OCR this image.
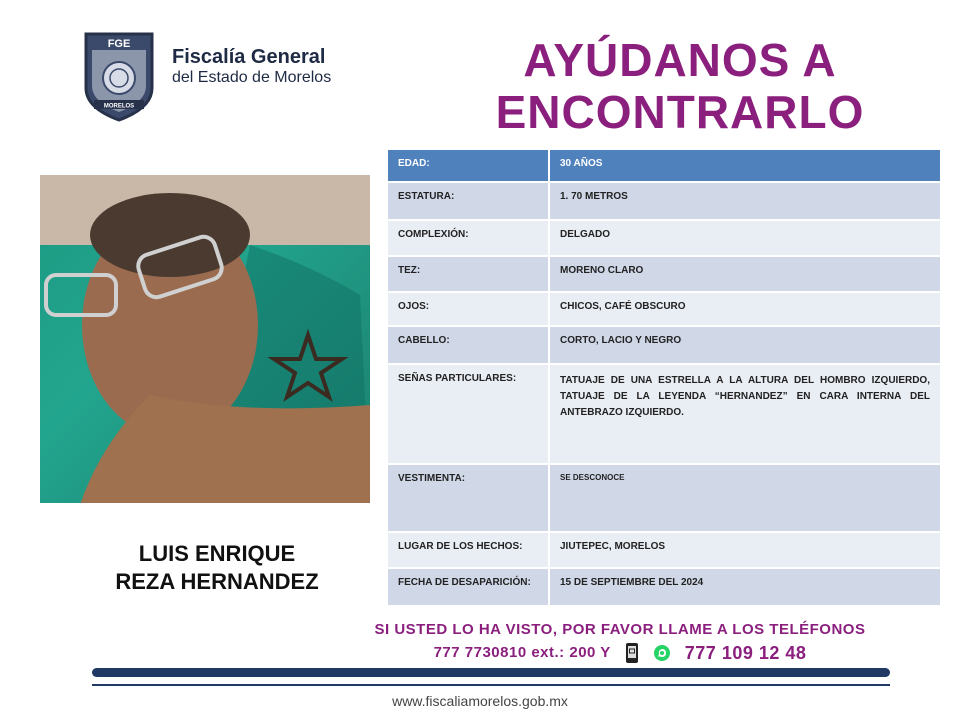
FGE
MORELOS
Fiscalía General
del Estado de Morelos	AYÚDANOS A
ENCONTRARLO
LUIS ENRIQUE
REZA HERNANDEZ
EDAD:	30 AÑOS
ESTATURA:	1. 70 METROS
COMPLEXIÓN:	DELGADO
TEZ:	MORENO CLARO
OJOS:	CHICOS, CAFÉ OBSCURO
CABELLO:	CORTO, LACIO Y NEGRO
SEÑAS PARTICULARES:	TATUAJE DE UNA ESTRELLA A LA ALTURA DEL HOMBRO IZQUIERDO, TATUAJE DE LA LEYENDA “HERNANDEZ” EN CARA INTERNA DEL ANTEBRAZO IZQUIERDO.
VESTIMENTA:	SE DESCONOCE
LUGAR DE LOS HECHOS:	JIUTEPEC, MORELOS
FECHA DE DESAPARICIÓN:	15 DE SEPTIEMBRE DEL 2024
SI USTED LO HA VISTO, POR FAVOR LLAME A LOS TELÉFONOS
777 7730810 ext.: 200 Y	777 109 12 48
www.fiscaliamorelos.gob.mx
